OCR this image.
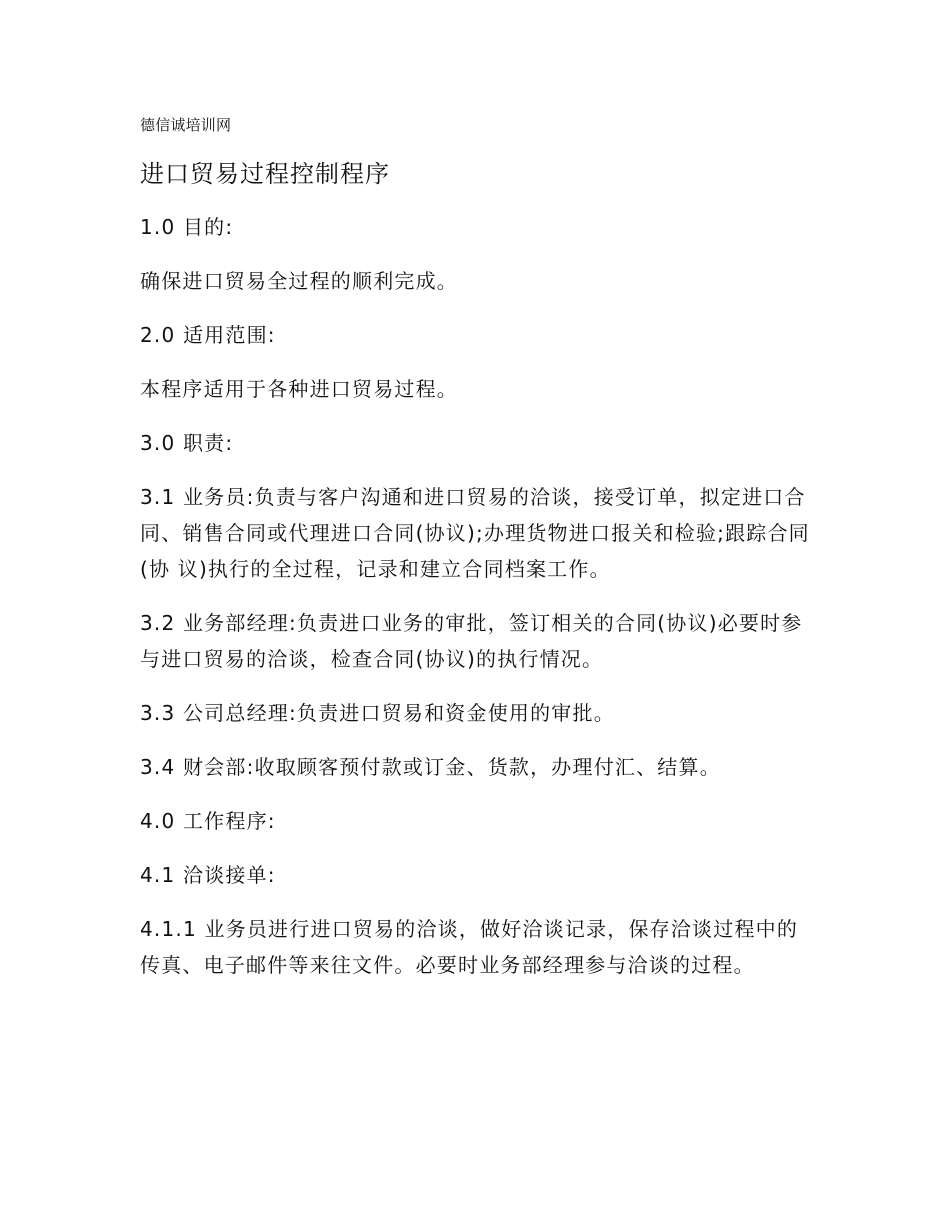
德信诚培训网
进口贸易过程控制程序

1.0 目的:

确保进口贸易全过程的顺利完成。

2.0 适用范围:

本程序适用于各种进口贸易过程。

3.0 职责:

3.1 业务员:负责与客户沟通和进口贸易的洽谈，接受订单，拟定进口合同、销售合同或代理进口合同(协议);办理货物进口报关和检验;跟踪合同(协 议)执行的全过程，记录和建立合同档案工作。

3.2 业务部经理:负责进口业务的审批，签订相关的合同(协议)必要时参与进口贸易的洽谈，检查合同(协议)的执行情况。

3.3 公司总经理:负责进口贸易和资金使用的审批。

3.4 财会部:收取顾客预付款或订金、货款，办理付汇、结算。

4.0 工作程序:

4.1 洽谈接单:

4.1.1 业务员进行进口贸易的洽谈，做好洽谈记录，保存洽谈过程中的传真、电子邮件等来往文件。必要时业务部经理参与洽谈的过程。
